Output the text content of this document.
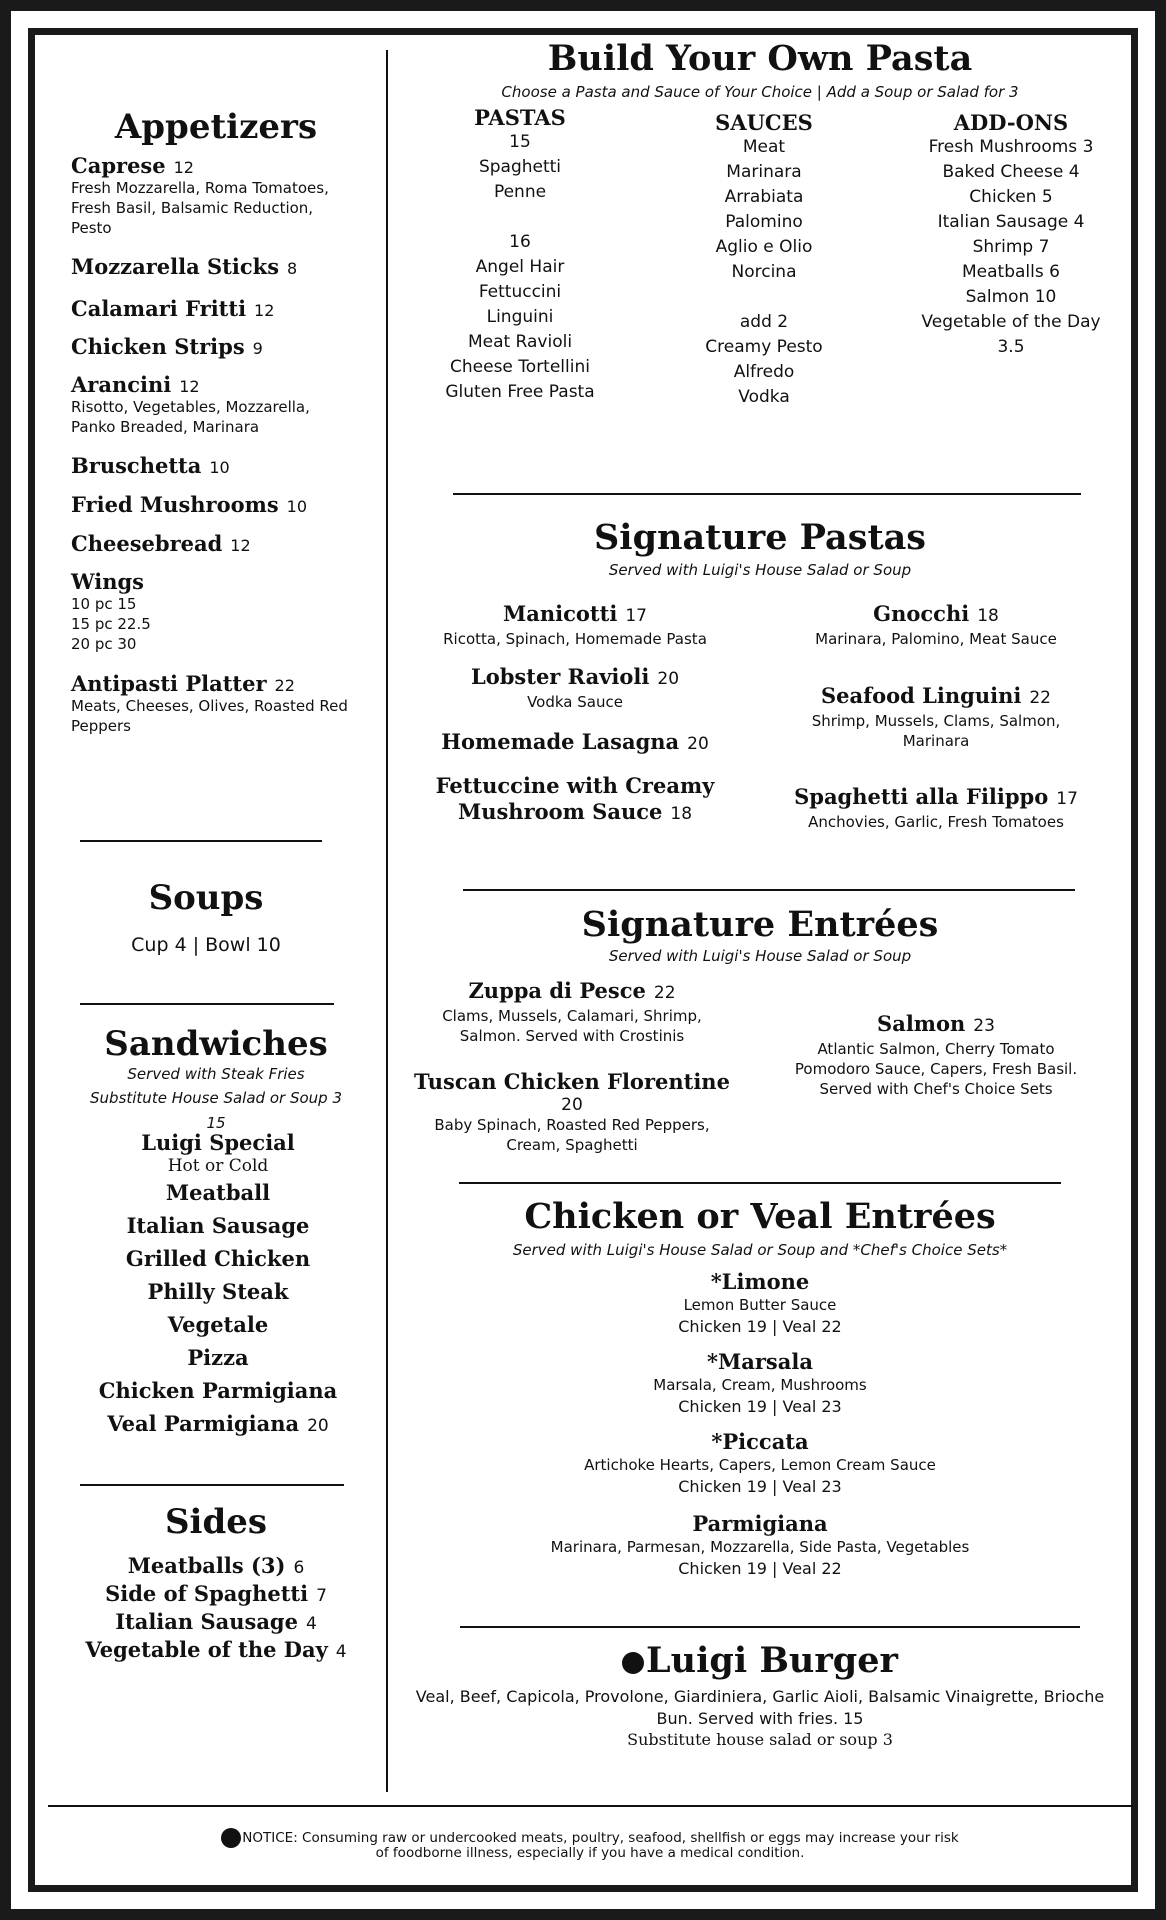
Appetizers
Caprese 12
Fresh Mozzarella, Roma Tomatoes, Fresh Basil, Balsamic Reduction, Pesto
Mozzarella Sticks 8
Calamari Fritti 12
Chicken Strips 9
Arancini 12
Risotto, Vegetables, Mozzarella, Panko Breaded, Marinara
Bruschetta 10
Fried Mushrooms 10
Cheesebread 12
Wings
10 pc 15
15 pc 22.5
20 pc 30
Antipasti Platter 22
Meats, Cheeses, Olives, Roasted Red Peppers
Soups
Cup 4 | Bowl 10
Sandwiches
Served with Steak Fries
Substitute House Salad or Soup 3
15
Luigi Special
Hot or Cold
Meatball
Italian Sausage
Grilled Chicken
Philly Steak
Vegetale
Pizza
Chicken Parmigiana
Veal Parmigiana 20
Sides
Meatballs (3) 6
Side of Spaghetti 7
Italian Sausage 4
Vegetable of the Day 4
Build Your Own Pasta
Choose a Pasta and Sauce of Your Choice | Add a Soup or Salad for 3
PASTAS
15
Spaghetti
Penne
16
Angel Hair
Fettuccini
Linguini
Meat Ravioli
Cheese Tortellini
Gluten Free Pasta
SAUCES
Meat
Marinara
Arrabiata
Palomino
Aglio e Olio
Norcina
add 2
Creamy Pesto
Alfredo
Vodka
ADD-ONS
Fresh Mushrooms 3
Baked Cheese 4
Chicken 5
Italian Sausage 4
Shrimp 7
Meatballs 6
Salmon 10
Vegetable of the Day
3.5
Signature Pastas
Served with Luigi's House Salad or Soup
Manicotti 17
Ricotta, Spinach, Homemade Pasta
Lobster Ravioli 20
Vodka Sauce
Homemade Lasagna 20
Fettuccine with Creamy
Mushroom Sauce 18
Gnocchi 18
Marinara, Palomino, Meat Sauce
Seafood Linguini 22
Shrimp, Mussels, Clams, Salmon,
Marinara
Spaghetti alla Filippo 17
Anchovies, Garlic, Fresh Tomatoes
Signature Entrées
Served with Luigi's House Salad or Soup
Zuppa di Pesce 22
Clams, Mussels, Calamari, Shrimp,
Salmon. Served with Crostinis
Tuscan Chicken Florentine
20
Baby Spinach, Roasted Red Peppers,
Cream, Spaghetti
Salmon 23
Atlantic Salmon, Cherry Tomato
Pomodoro Sauce, Capers, Fresh Basil.
Served with Chef's Choice Sets
Chicken or Veal Entrées
Served with Luigi's House Salad or Soup and *Chef's Choice Sets*
*Limone
Lemon Butter Sauce
Chicken 19 | Veal 22
*Marsala
Marsala, Cream, Mushrooms
Chicken 19 | Veal 23
*Piccata
Artichoke Hearts, Capers, Lemon Cream Sauce
Chicken 19 | Veal 23
Parmigiana
Marinara, Parmesan, Mozzarella, Side Pasta, Vegetables
Chicken 19 | Veal 22
Luigi Burger
Veal, Beef, Capicola, Provolone, Giardiniera, Garlic Aioli, Balsamic Vinaigrette, Brioche
Bun. Served with fries. 15
Substitute house salad or soup 3
NOTICE: Consuming raw or undercooked meats, poultry, seafood, shellfish or eggs may increase your risk
of foodborne illness, especially if you have a medical condition.
